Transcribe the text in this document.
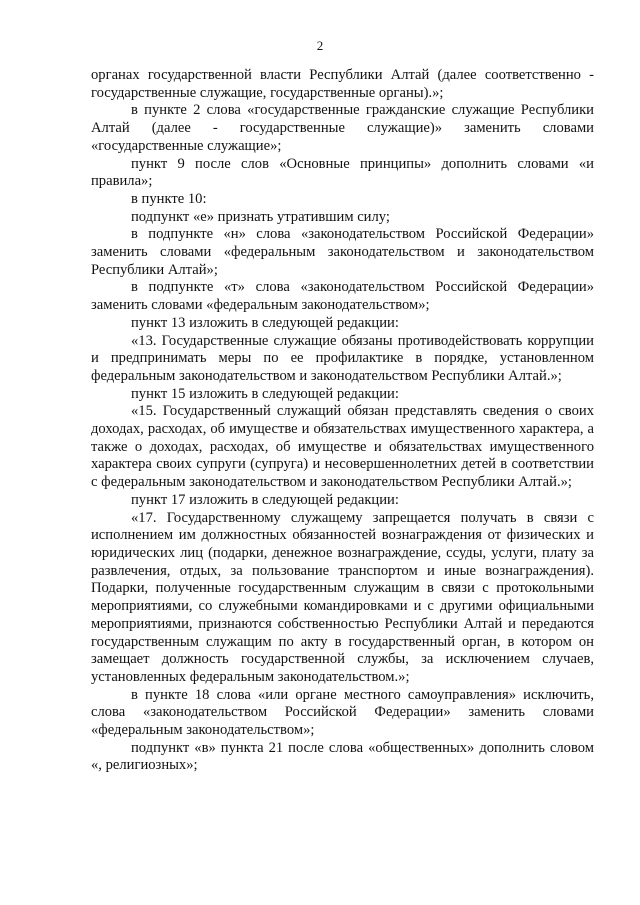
2

органах государственной власти Республики Алтай (далее соответственно - государственные служащие, государственные органы).»;

в пункте 2 слова «государственные гражданские служащие Республики Алтай (далее - государственные служащие)» заменить словами «государственные служащие»;

пункт 9 после слов «Основные принципы» дополнить словами «и правила»;

в пункте 10:

подпункт «е» признать утратившим силу;

в подпункте «н» слова «законодательством Российской Федерации» заменить словами «федеральным законодательством и законодательством Республики Алтай»;

в подпункте «т» слова «законодательством Российской Федерации» заменить словами «федеральным законодательством»;

пункт 13 изложить в следующей редакции:

«13. Государственные служащие обязаны противодействовать коррупции и предпринимать меры по ее профилактике в порядке, установленном федеральным законодательством и законодательством Республики Алтай.»;

пункт 15 изложить в следующей редакции:

«15. Государственный служащий обязан представлять сведения о своих доходах, расходах, об имуществе и обязательствах имущественного характера, а также о доходах, расходах, об имуществе и обязательствах имущественного характера своих супруги (супруга) и несовершеннолетних детей в соответствии с федеральным законодательством и законодательством Республики Алтай.»;

пункт 17 изложить в следующей редакции:

«17. Государственному служащему запрещается получать в связи с исполнением им должностных обязанностей вознаграждения от физических и юридических лиц (подарки, денежное вознаграждение, ссуды, услуги, плату за развлечения, отдых, за пользование транспортом и иные вознаграждения). Подарки, полученные государственным служащим в связи с протокольными мероприятиями, со служебными командировками и с другими официальными мероприятиями, признаются собственностью Республики Алтай и передаются государственным служащим по акту в государственный орган, в котором он замещает должность государственной службы, за исключением случаев, установленных федеральным законодательством.»;

в пункте 18 слова «или органе местного самоуправления» исключить, слова «законодательством Российской Федерации» заменить словами «федеральным законодательством»;

подпункт «в» пункта 21 после слова «общественных» дополнить словом «, религиозных»;
